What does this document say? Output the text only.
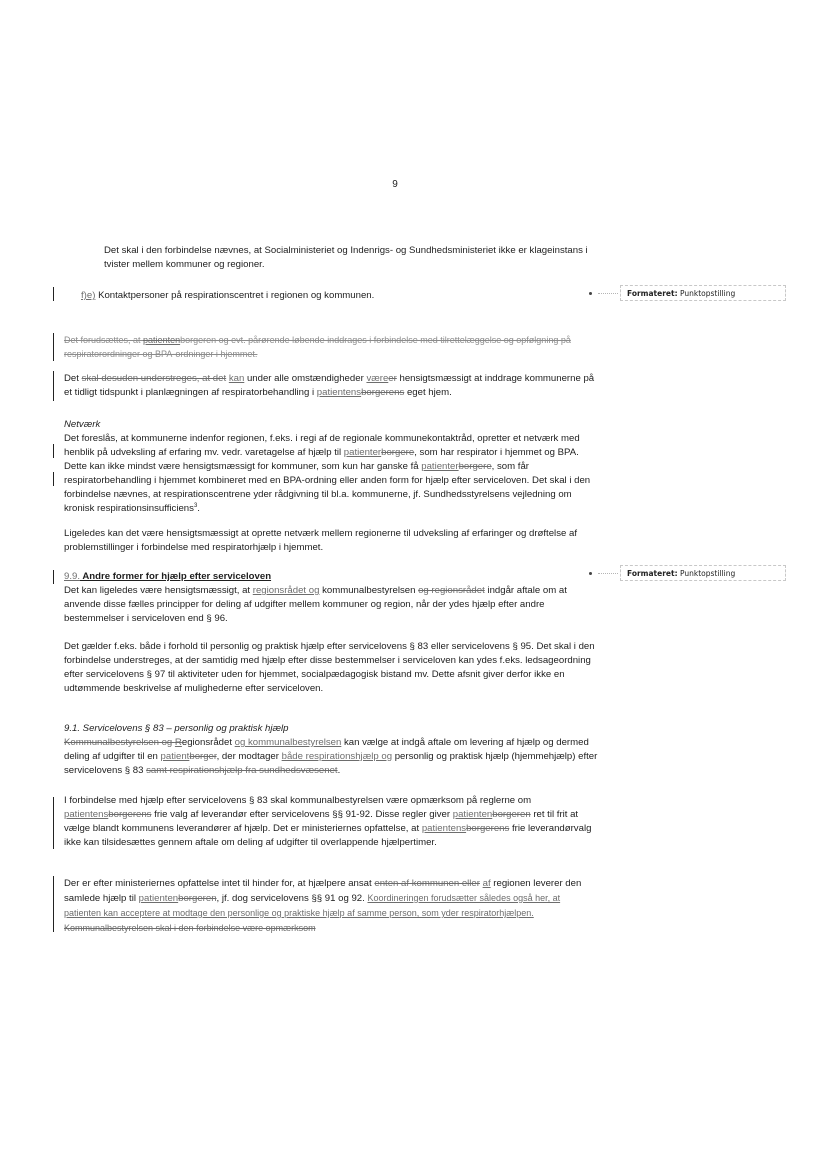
9
Det skal i den forbindelse nævnes, at Socialministeriet og Indenrigs- og Sundhedsministeriet ikke er klageinstans i tvister mellem kommuner og regioner.
f)e) Kontaktpersoner på respirationscentret i regionen og kommunen.	Formateret: Punktopstilling
Det forudsættes, at patientenborgeren og evt. pårørende løbende inddrages i forbindelse med tilrettelæggelse og opfølgning på respiratorordninger og BPA-ordninger i hjemmet.
Det skal desuden understreges, at det kan under alle omstændigheder væreer hensigtsmæssigt at inddrage kommunerne på et tidligt tidspunkt i planlægningen af respiratorbehandling i patientensborgerens eget hjem.
Netværk
Det foreslås, at kommunerne indenfor regionen, f.eks. i regi af de regionale kommunekontaktråd, opretter et netværk med henblik på udveksling af erfaring mv. vedr. varetagelse af hjælp til patienterborgere, som har respirator i hjemmet og BPA. Dette kan ikke mindst være hensigtsmæssigt for kommuner, som kun har ganske få patienterborgere, som får respiratorbehandling i hjemmet kombineret med en BPA-ordning eller anden form for hjælp efter serviceloven. Det skal i den forbindelse nævnes, at respirationscentrene yder rådgivning til bl.a. kommunerne, jf. Sundhedsstyrelsens vejledning om kronisk respirationsinsufficiens$^3$.
Ligeledes kan det være hensigtsmæssigt at oprette netværk mellem regionerne til udveksling af erfaringer og drøftelse af problemstillinger i forbindelse med respiratorhjælp i hjemmet.
9.9. Andre former for hjælp efter serviceloven
Det kan ligeledes være hensigtsmæssigt, at regionsrådet og kommunalbestyrelsen og regionsrådet indgår aftale om at anvende disse fælles principper for deling af udgifter mellem kommuner og region, når der ydes hjælp efter andre bestemmelser i serviceloven end § 96.
Formateret: Punktopstilling
Det gælder f.eks. både i forhold til personlig og praktisk hjælp efter servicelovens § 83 eller servicelovens § 95. Det skal i den forbindelse understreges, at der samtidig med hjælp efter disse bestemmelser i serviceloven kan ydes f.eks. ledsageordning efter servicelovens § 97 til aktiviteter uden for hjemmet, socialpædagogisk bistand mv. Dette afsnit giver derfor ikke en udtømmende beskrivelse af mulighederne efter serviceloven.
9.1. Servicelovens § 83 – personlig og praktisk hjælp
Kommunalbestyrelsen og Regionsrådet og kommunalbestyrelsen kan vælge at indgå aftale om levering af hjælp og dermed deling af udgifter til en patientborger, der modtager både respirationshjælp og personlig og praktisk hjælp (hjemmehjælp) efter servicelovens § 83 samt respirationshjælp fra sundhedsvæsenet.
I forbindelse med hjælp efter servicelovens § 83 skal kommunalbestyrelsen være opmærksom på reglerne om patientensborgerens frie valg af leverandør efter servicelovens §§ 91-92. Disse regler giver patientenborgeren ret til frit at vælge blandt kommunens leverandører af hjælp. Det er ministeriernes opfattelse, at patientensborgerens frie leverandørvalg ikke kan tilsidesættes gennem aftale om deling af udgifter til overlappende hjælpertimer.
Der er efter ministeriernes opfattelse intet til hinder for, at hjælpere ansat enten af kommunen eller af regionen leverer den samlede hjælp til patientenborgeren, jf. dog servicelovens §§ 91 og 92. Koordineringen forudsætter således også her, at patienten kan acceptere at modtage den personlige og praktiske hjælp af samme person, som yder respiratorhjælpen. Kommunalbestyrelsen skal i den forbindelse være opmærksom
